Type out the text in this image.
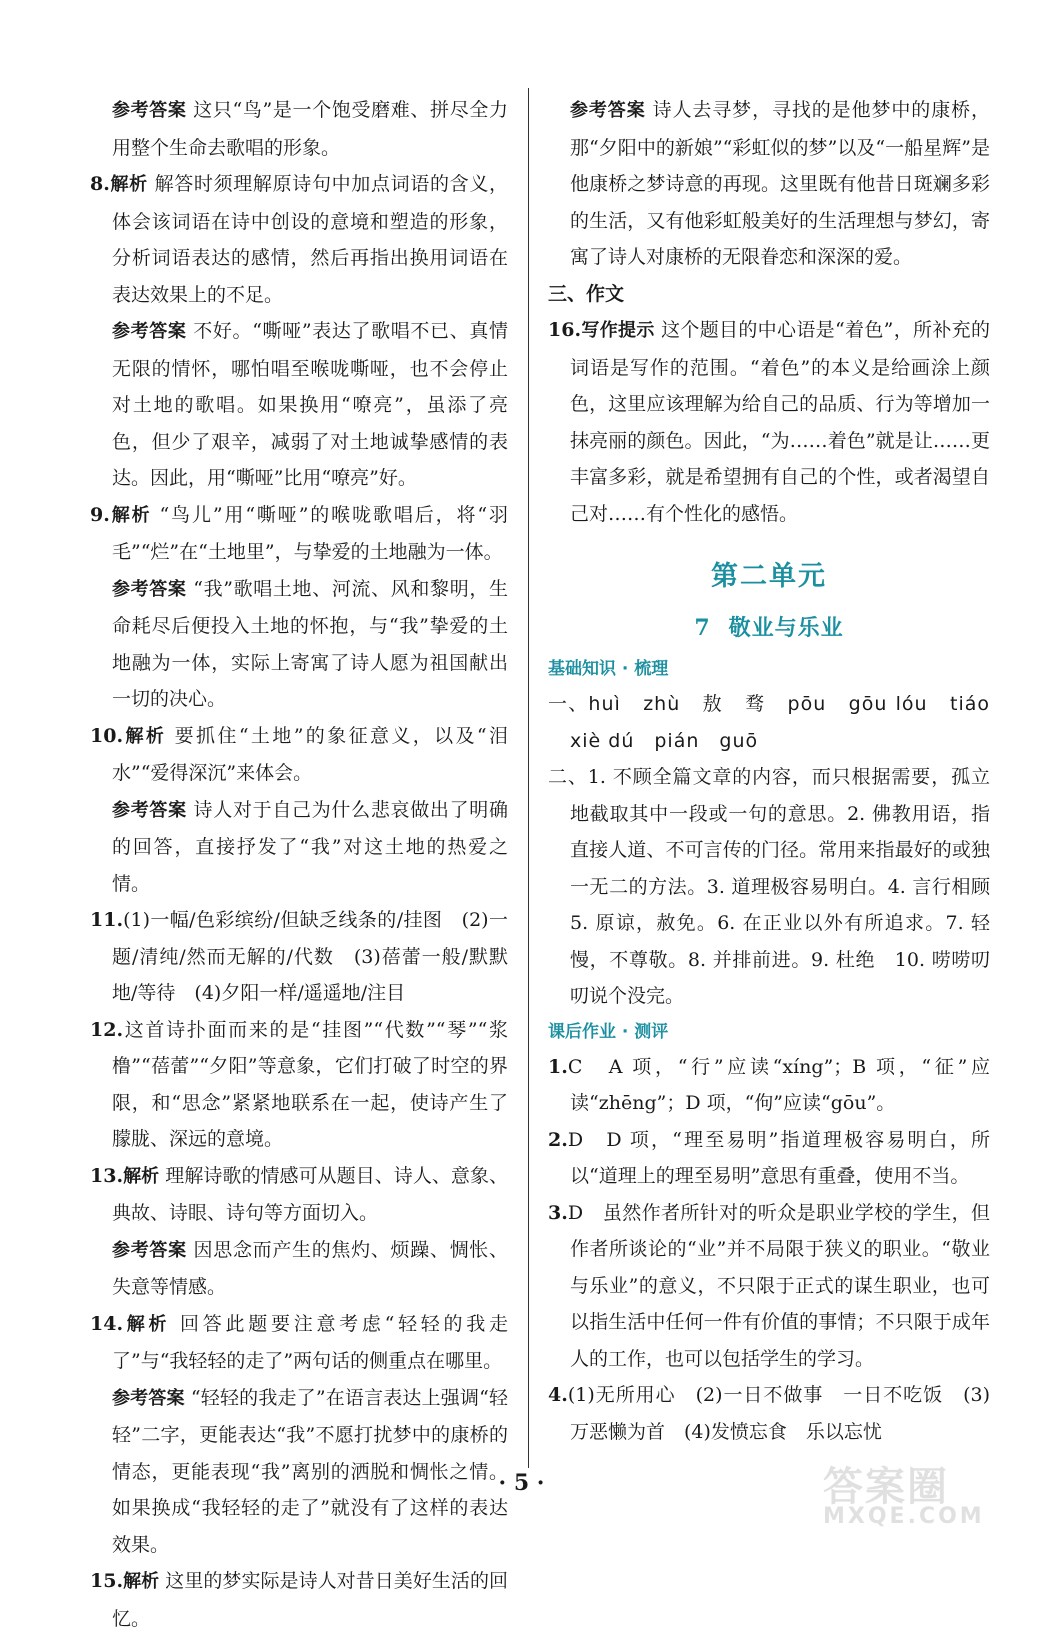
参考答案 这只“鸟”是一个饱受磨难、拼尽全力用整个生命去歌唱的形象。

8.解析 解答时须理解原诗句中加点词语的含义，体会该词语在诗中创设的意境和塑造的形象，分析词语表达的感情，然后再指出换用词语在表达效果上的不足。

参考答案 不好。“嘶哑”表达了歌唱不已、真情无限的情怀，哪怕唱至喉咙嘶哑，也不会停止对土地的歌唱。如果换用“嘹亮”，虽添了亮色，但少了艰辛，减弱了对土地诚挚感情的表达。因此，用“嘶哑”比用“嘹亮”好。

9.解析 “鸟儿”用“嘶哑”的喉咙歌唱后，将“羽毛”“烂”在“土地里”，与挚爱的土地融为一体。

参考答案 “我”歌唱土地、河流、风和黎明，生命耗尽后便投入土地的怀抱，与“我”挚爱的土地融为一体，实际上寄寓了诗人愿为祖国献出一切的决心。

10.解析 要抓住“土地”的象征意义，以及“泪水”“爱得深沉”来体会。

参考答案 诗人对于自己为什么悲哀做出了明确的回答，直接抒发了“我”对这土地的热爱之情。

11.(1)一幅/色彩缤纷/但缺乏线条的/挂图　(2)一题/清纯/然而无解的/代数　(3)蓓蕾一般/默默地/等待　(4)夕阳一样/遥遥地/注目

12.这首诗扑面而来的是“挂图”“代数”“琴”“浆橹”“蓓蕾”“夕阳”等意象，它们打破了时空的界限，和“思念”紧紧地联系在一起，使诗产生了朦胧、深远的意境。

13.解析 理解诗歌的情感可从题目、诗人、意象、典故、诗眼、诗句等方面切入。

参考答案 因思念而产生的焦灼、烦躁、惆怅、失意等情感。

14.解析 回答此题要注意考虑“轻轻的我走了”与“我轻轻的走了”两句话的侧重点在哪里。

参考答案 “轻轻的我走了”在语言表达上强调“轻轻”二字，更能表达“我”不愿打扰梦中的康桥的情态，更能表现“我”离别的洒脱和惆怅之情。如果换成“我轻轻的走了”就没有了这样的表达效果。

15.解析 这里的梦实际是诗人对昔日美好生活的回忆。

参考答案 诗人去寻梦，寻找的是他梦中的康桥，那“夕阳中的新娘”“彩虹似的梦”以及“一船星辉”是他康桥之梦诗意的再现。这里既有他昔日斑斓多彩的生活，又有他彩虹般美好的生活理想与梦幻，寄寓了诗人对康桥的无限眷恋和深深的爱。

三、作文

16.写作提示 这个题目的中心语是“着色”，所补充的词语是写作的范围。“着色”的本义是给画涂上颜色，这里应该理解为给自己的品质、行为等增加一抹亮丽的颜色。因此，“为……着色”就是让……更丰富多彩，就是希望拥有自己的个性，或者渴望自己对……有个性化的感悟。

第二单元
7 敬业与乐业

基础知识 · 梳理

一、huì　zhù　敖　骛　pōu　gōu lóu　tiáo　xiè dú　pián　guō

二、1. 不顾全篇文章的内容，而只根据需要，孤立地截取其中一段或一句的意思。2. 佛教用语，指直接人道、不可言传的门径。常用来指最好的或独一无二的方法。3. 道理极容易明白。4. 言行相顾　5. 原谅，赦免。6. 在正业以外有所追求。7. 轻慢，不尊敬。8. 并排前进。9. 杜绝　10. 唠唠叨叨说个没完。

课后作业 · 测评

1.C　A 项，“行”应读“xíng”；B 项，“征”应读“zhēng”；D 项，“佝”应读“gōu”。

2.D　D 项，“理至易明”指道理极容易明白，所以“道理上的理至易明”意思有重叠，使用不当。

3.D　虽然作者所针对的听众是职业学校的学生，但作者所谈论的“业”并不局限于狭义的职业。“敬业与乐业”的意义，不只限于正式的谋生职业，也可以指生活中任何一件有价值的事情；不只限于成年人的工作，也可以包括学生的学习。

4.(1)无所用心　(2)一日不做事　一日不吃饭　(3)万恶懒为首　(4)发愤忘食　乐以忘忧

· 5 ·	答案圈
MXQE.COM
